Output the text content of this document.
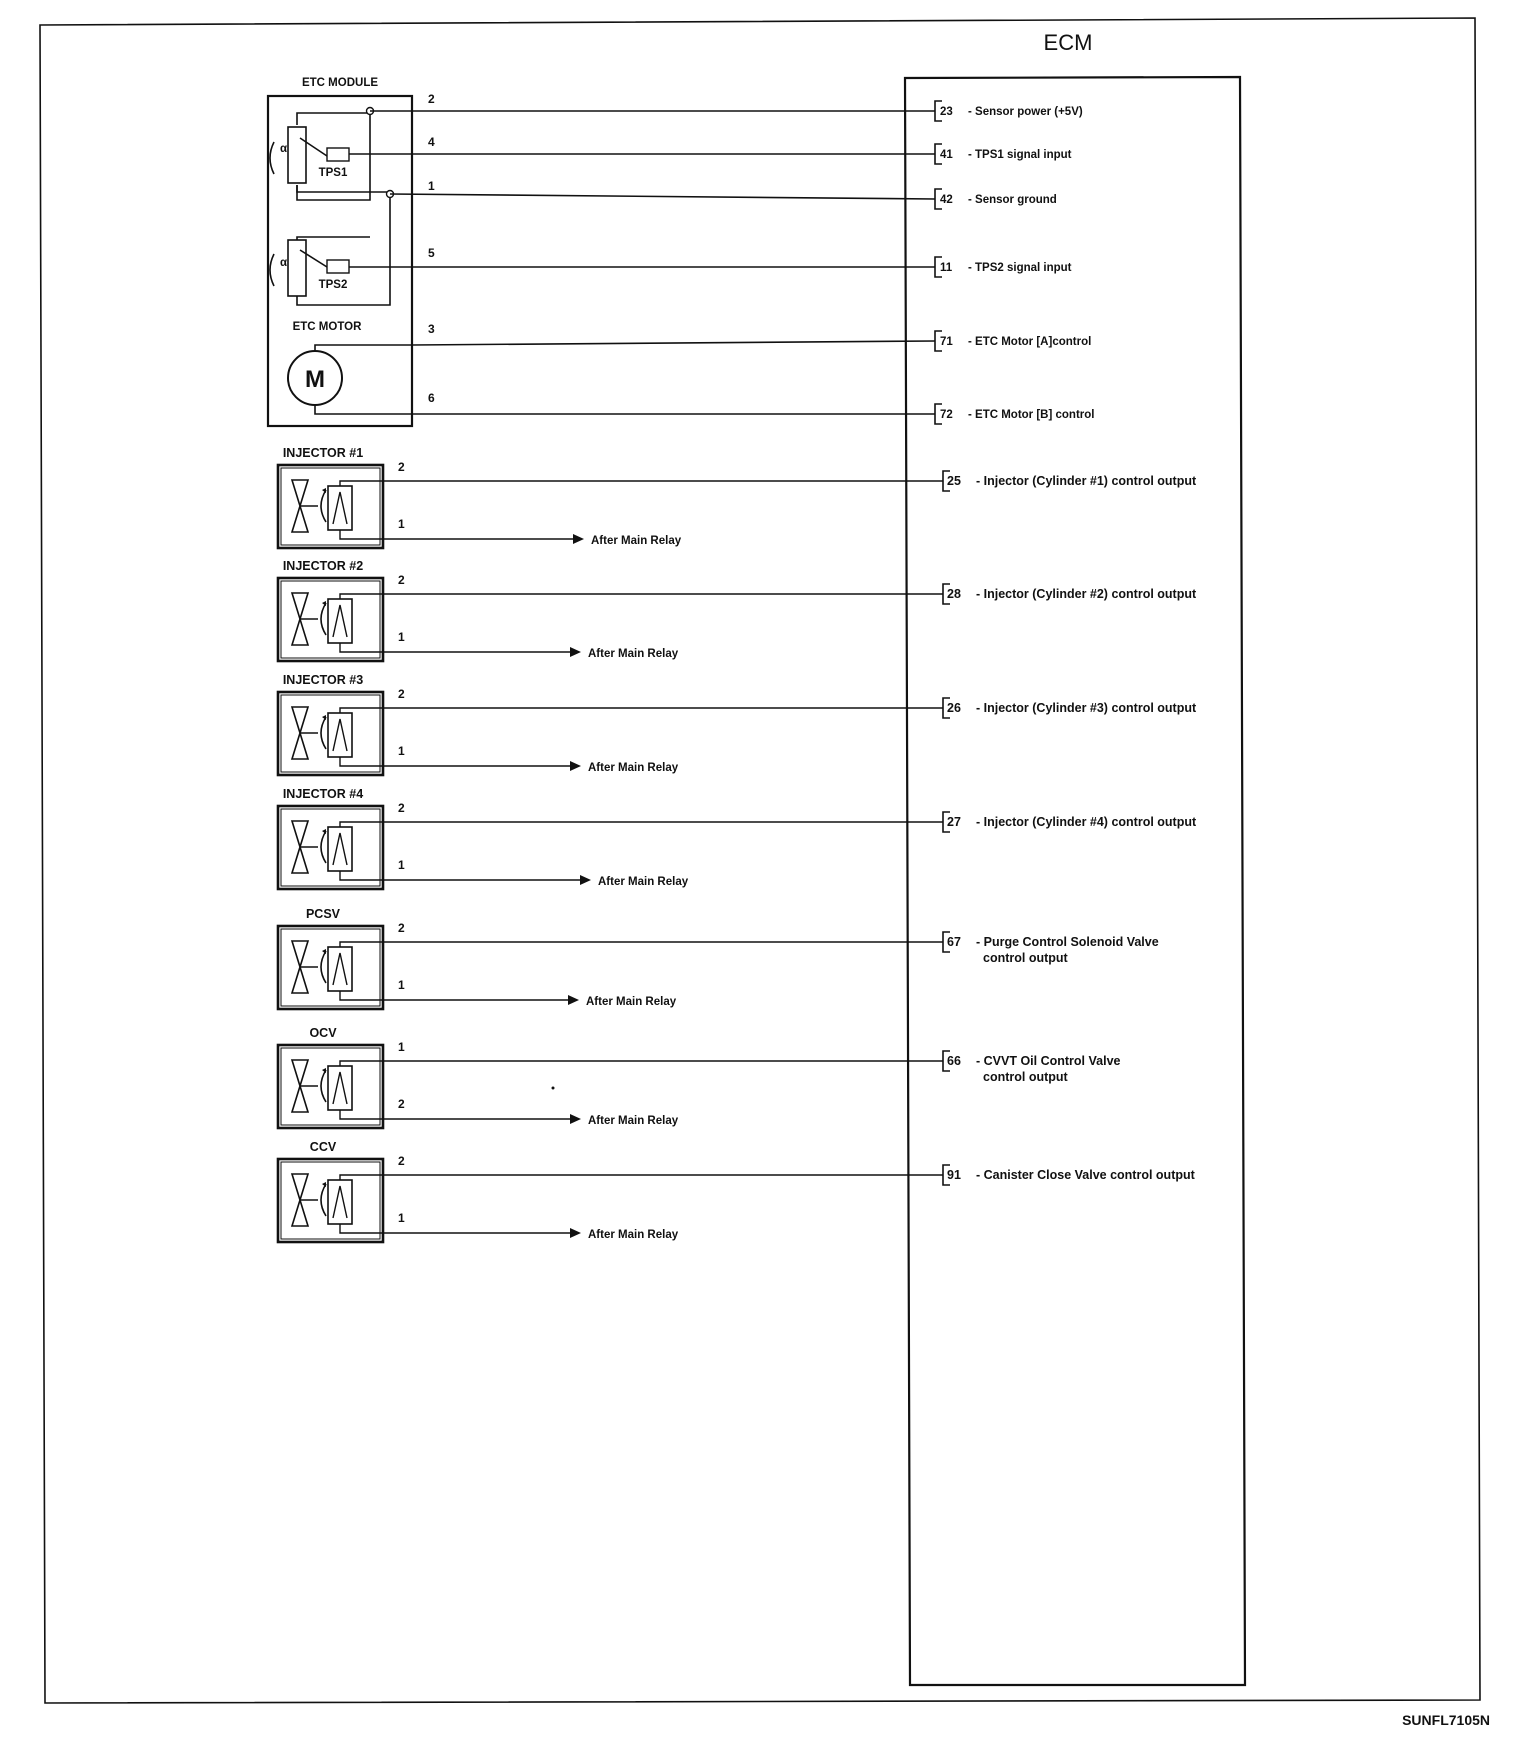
ECM
ETC MODULE
α
TPS1
α
TPS2
ETC MOTOR
M
2
4
1
5
3
6
23 - Sensor power (+5V)
41 - TPS1 signal input
42 - Sensor ground
11 - TPS2 signal input
71 - ETC Motor [A]control
72 - ETC Motor [B] control
INJECTOR #1
2
1
After Main Relay
25 - Injector (Cylinder #1) control output
INJECTOR #2
2
1
After Main Relay
28 - Injector (Cylinder #2) control output
INJECTOR #3
2
1
After Main Relay
26 - Injector (Cylinder #3) control output
INJECTOR #4
2
1
After Main Relay
27 - Injector (Cylinder #4) control output
PCSV
2
1
After Main Relay
67 - Purge Control Solenoid Valve
control output
OCV
1
2
After Main Relay
66 - CVVT Oil Control Valve
control output
CCV
2
1
After Main Relay
91 - Canister Close Valve control output
SUNFL7105N
